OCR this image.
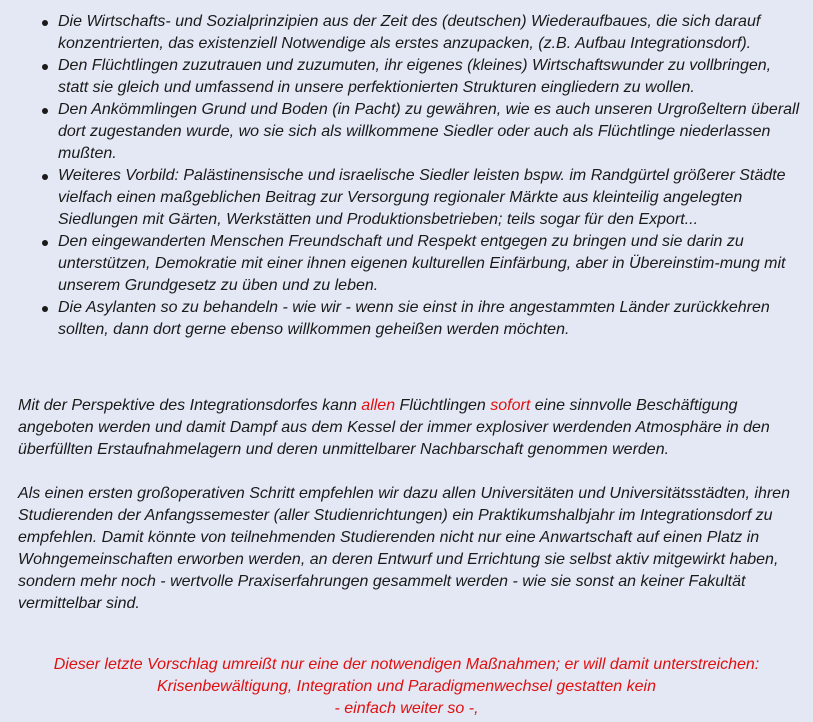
Die Wirtschafts- und Sozialprinzipien aus der Zeit des (deutschen) Wiederaufbaues, die sich darauf konzentrierten, das existenziell Notwendige als erstes anzupacken, (z.B. Aufbau Integrationsdorf).
Den Flüchtlingen zuzutrauen und zuzumuten, ihr eigenes (kleines) Wirtschaftswunder zu vollbringen, statt sie gleich und umfassend in unsere perfektionierten Strukturen eingliedern zu wollen.
Den Ankömmlingen Grund und Boden (in Pacht) zu gewähren, wie es auch unseren Urgroßeltern überall dort zugestanden wurde, wo sie sich als willkommene Siedler oder auch als Flüchtlinge niederlassen mußten.
Weiteres Vorbild: Palästinensische und israelische Siedler leisten bspw. im Randgürtel größerer Städte vielfach einen maßgeblichen Beitrag zur Versorgung regionaler Märkte aus kleinteilig angelegten Siedlungen mit Gärten, Werkstätten und Produktionsbetrieben; teils sogar für den Export...
Den eingewanderten Menschen Freundschaft und Respekt entgegen zu bringen und sie darin zu unterstützen, Demokratie mit einer ihnen eigenen kulturellen Einfärbung, aber in Übereinstim-mung mit unserem Grundgesetz zu üben und zu leben.
Die Asylanten so zu behandeln - wie wir - wenn sie einst in ihre angestammten Länder zurückkehren sollten, dann dort gerne ebenso willkommen geheißen werden möchten.

Mit der Perspektive des Integrationsdorfes kann allen Flüchtlingen sofort eine sinnvolle Beschäftigung angeboten werden und damit Dampf aus dem Kessel der immer explosiver werdenden Atmosphäre in den überfüllten Erstaufnahmelagern und deren unmittelbarer Nachbarschaft genommen werden.

Als einen ersten großoperativen Schritt empfehlen wir dazu allen Universitäten und Universitätsstädten, ihren Studierenden der Anfangssemester (aller Studienrichtungen) ein Praktikumshalbjahr im Integrationsdorf zu empfehlen. Damit könnte von teilnehmenden Studierenden nicht nur eine Anwartschaft auf einen Platz in Wohngemeinschaften erworben werden, an deren Entwurf und Errichtung sie selbst aktiv mitgewirkt haben, sondern mehr noch - wertvolle Praxiserfahrungen gesammelt werden - wie sie sonst an keiner Fakultät vermittelbar sind.

Dieser letzte Vorschlag umreißt nur eine der notwendigen Maßnahmen; er will damit unterstreichen:
Krisenbewältigung, Integration und Paradigmenwechsel gestatten kein
- einfach weiter so -,
